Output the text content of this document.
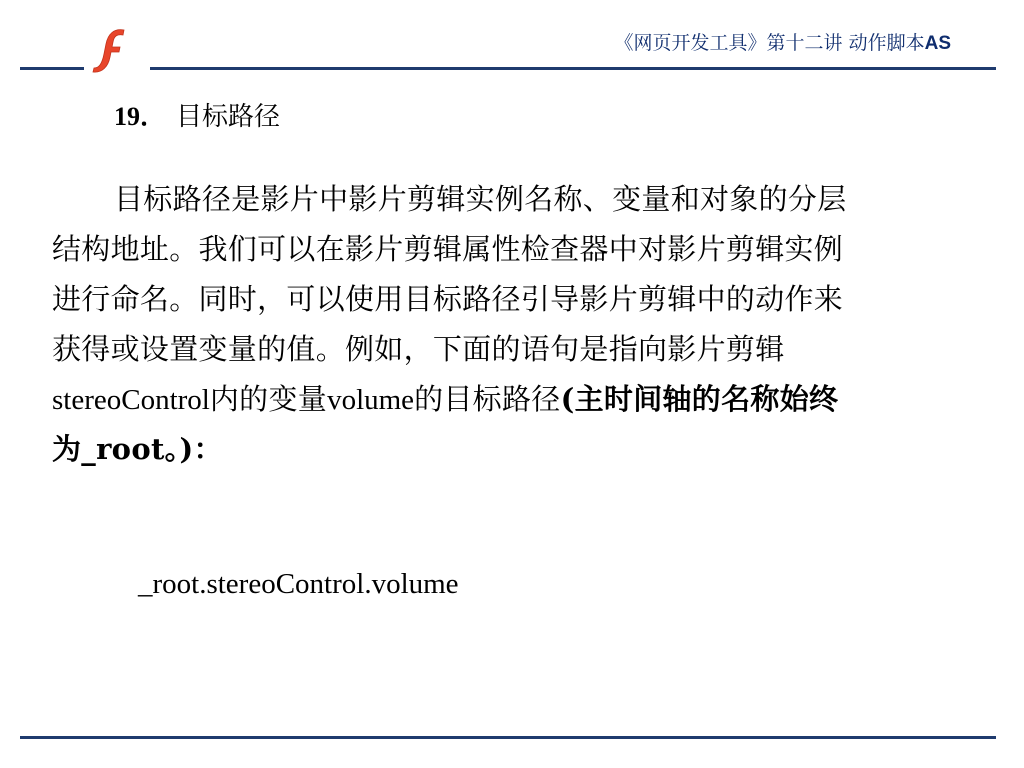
《网页开发工具》第十二讲 动作脚本AS
19． 目标路径
目标路径是影片中影片剪辑实例名称、变量和对象的分层
结构地址。我们可以在影片剪辑属性检查器中对影片剪辑实例
进行命名。同时，可以使用目标路径引导影片剪辑中的动作来
获得或设置变量的值。例如，下面的语句是指向影片剪辑
stereoControl内的变量volume的目标路径(主时间轴的名称始终
为_root。)：
_root.stereoControl.volume
